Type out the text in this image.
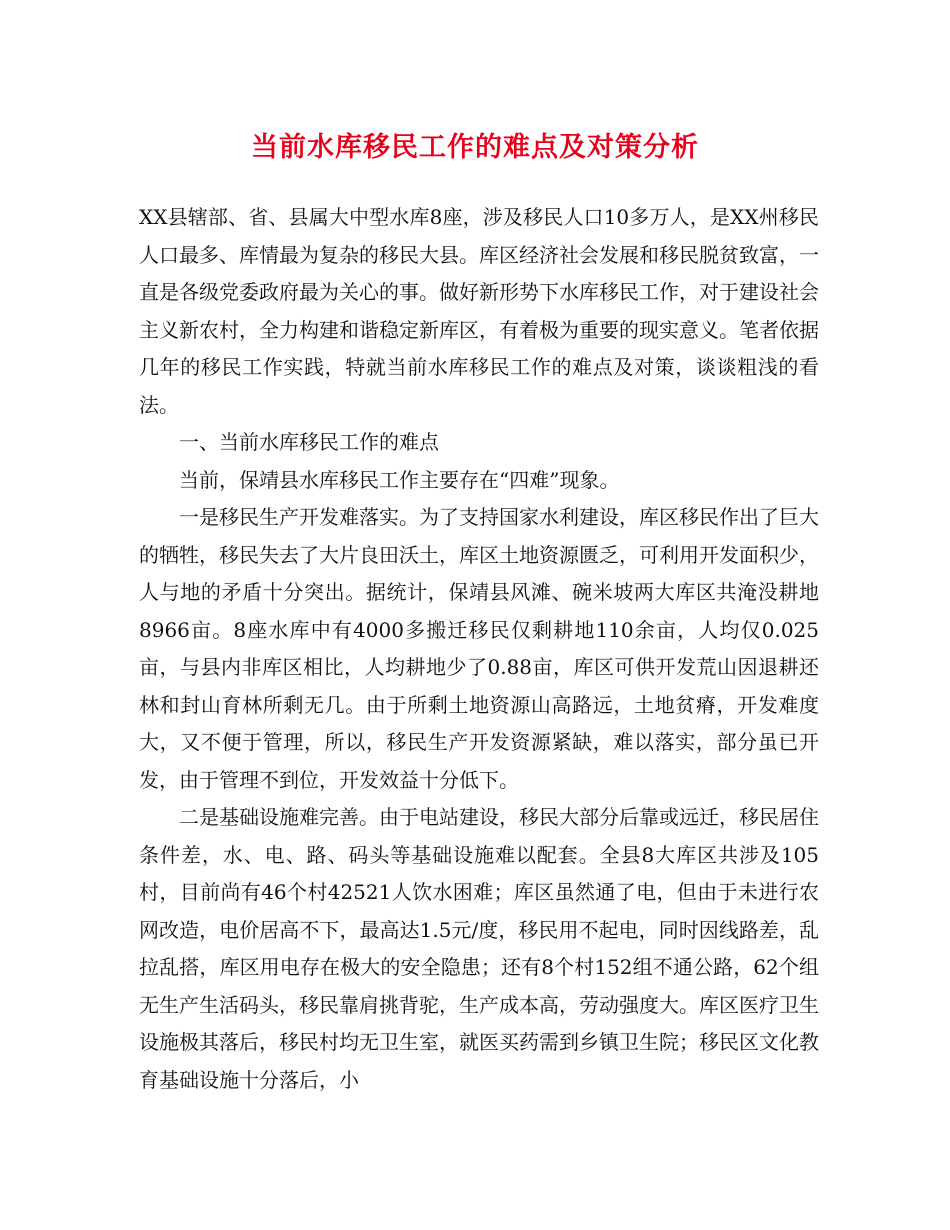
当前水库移民工作的难点及对策分析

XX县辖部、省、县属大中型水库8座，涉及移民人口10多万人，是XX州移民人口最多、库情最为复杂的移民大县。库区经济社会发展和移民脱贫致富，一直是各级党委政府最为关心的事。做好新形势下水库移民工作，对于建设社会主义新农村，全力构建和谐稳定新库区，有着极为重要的现实意义。笔者依据几年的移民工作实践，特就当前水库移民工作的难点及对策，谈谈粗浅的看法。

一、当前水库移民工作的难点

当前，保靖县水库移民工作主要存在“四难”现象。

一是移民生产开发难落实。为了支持国家水利建设，库区移民作出了巨大的牺牲，移民失去了大片良田沃土，库区土地资源匮乏，可利用开发面积少，人与地的矛盾十分突出。据统计，保靖县风滩、碗米坡两大库区共淹没耕地8966亩。8座水库中有4000多搬迁移民仅剩耕地110余亩，人均仅0.025亩，与县内非库区相比，人均耕地少了0.88亩，库区可供开发荒山因退耕还林和封山育林所剩无几。由于所剩土地资源山高路远，土地贫瘠，开发难度大，又不便于管理，所以，移民生产开发资源紧缺，难以落实，部分虽已开发，由于管理不到位，开发效益十分低下。

二是基础设施难完善。由于电站建设，移民大部分后靠或远迁，移民居住条件差，水、电、路、码头等基础设施难以配套。全县8大库区共涉及105村，目前尚有46个村42521人饮水困难；库区虽然通了电，但由于未进行农网改造，电价居高不下，最高达1.5元/度，移民用不起电，同时因线路差，乱拉乱搭，库区用电存在极大的安全隐患；还有8个村152组不通公路，62个组无生产生活码头，移民靠肩挑背驼，生产成本高，劳动强度大。库区医疗卫生设施极其落后，移民村均无卫生室，就医买药需到乡镇卫生院；移民区文化教育基础设施十分落后，小
